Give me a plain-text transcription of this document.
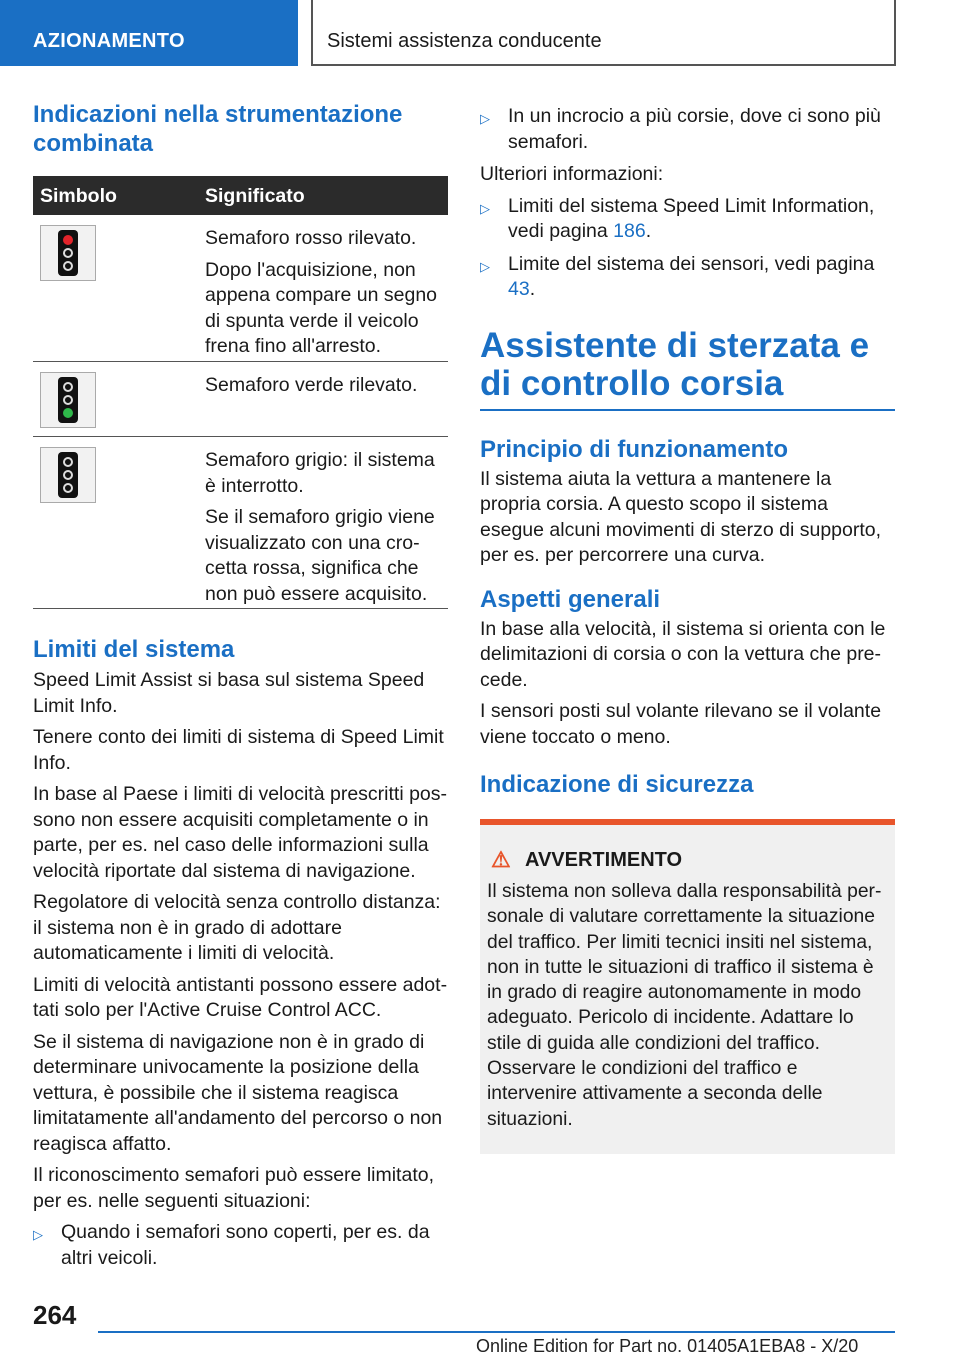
AZIONAMENTO	Sistemi assistenza conducente
Indicazioni nella strumentazione combinata
Simbolo	Significato
Semaforo rosso rilevato.
Dopo l'acquisizione, non appena compare un segno di spunta verde il veicolo frena fino all'arresto.
Semaforo verde rilevato.
Semaforo grigio: il sistema è interrotto.
Se il semaforo grigio viene visualizzato con una crocetta rossa, significa che non può essere acquisito.
Limiti del sistema
Speed Limit Assist si basa sul sistema Speed Limit Info.
Tenere conto dei limiti di sistema di Speed Limit Info.
In base al Paese i limiti di velocità prescritti possono non essere acquisiti completamente o in parte, per es. nel caso delle informazioni sulla velocità riportate dal sistema di navigazione.
Regolatore di velocità senza controllo distanza: il sistema non è in grado di adottare automaticamente i limiti di velocità.
Limiti di velocità antistanti possono essere adottati solo per l'Active Cruise Control ACC.
Se il sistema di navigazione non è in grado di determinare univocamente la posizione della vettura, è possibile che il sistema reagisca limitatamente all'andamento del percorso o non reagisca affatto.
Il riconoscimento semafori può essere limitato, per es. nelle seguenti situazioni:
▷ Quando i semafori sono coperti, per es. da altri veicoli.
▷ In un incrocio a più corsie, dove ci sono più semafori.
Ulteriori informazioni:
▷ Limiti del sistema Speed Limit Information, vedi pagina 186.
▷ Limite del sistema dei sensori, vedi pagina 43.
Assistente di sterzata e di controllo corsia
Principio di funzionamento
Il sistema aiuta la vettura a mantenere la propria corsia. A questo scopo il sistema esegue alcuni movimenti di sterzo di supporto, per es. per percorrere una curva.
Aspetti generali
In base alla velocità, il sistema si orienta con le delimitazioni di corsia o con la vettura che precede.
I sensori posti sul volante rilevano se il volante viene toccato o meno.
Indicazione di sicurezza
⚠ AVVERTIMENTO
Il sistema non solleva dalla responsabilità personale di valutare correttamente la situazione del traffico. Per limiti tecnici insiti nel sistema, non in tutte le situazioni di traffico il sistema è in grado di reagire autonomamente in modo adeguato. Pericolo di incidente. Adattare lo stile di guida alle condizioni del traffico. Osservare le condizioni del traffico e intervenire attivamente a seconda delle situazioni.
264
Online Edition for Part no. 01405A1EBA8 - X/20
